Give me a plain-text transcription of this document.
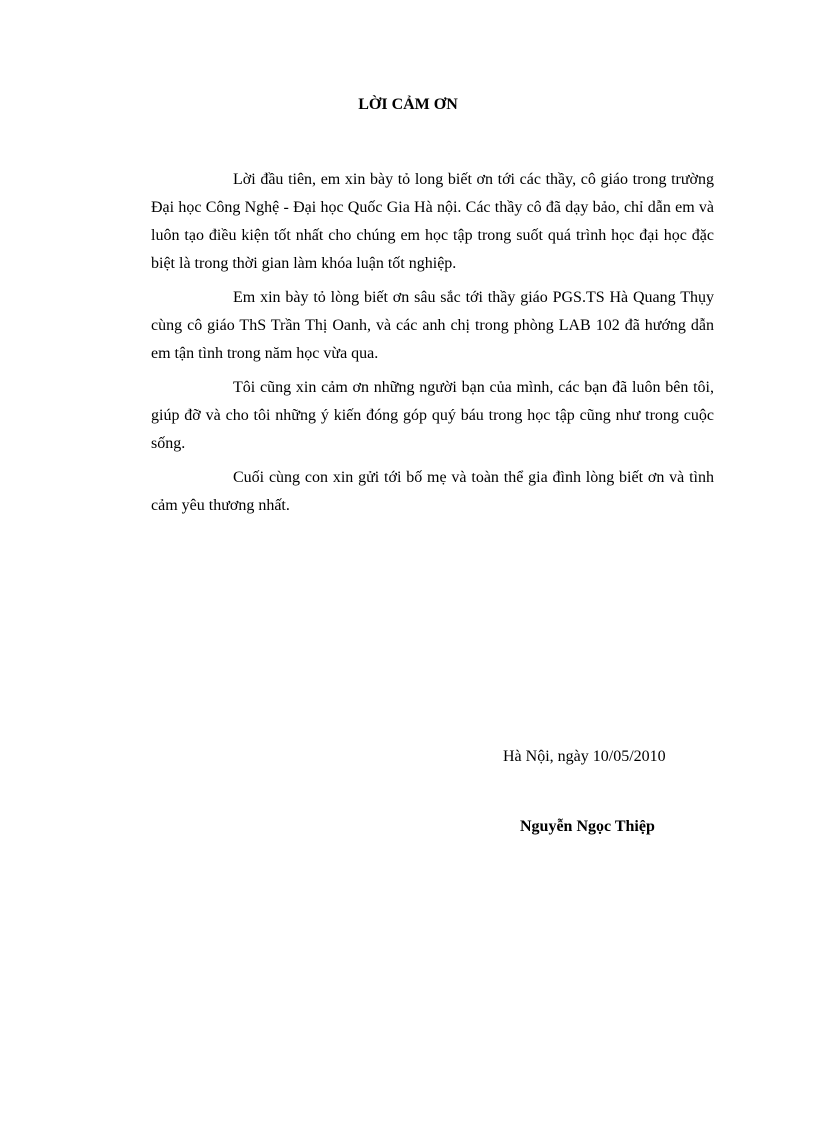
LỜI CẢM ƠN

Lời đầu tiên, em xin bày tỏ long biết ơn tới các thầy, cô giáo trong trường Đại học Công Nghệ - Đại học Quốc Gia Hà nội. Các thầy cô đã dạy bảo, chỉ dẫn em và luôn tạo điều kiện tốt nhất cho chúng em học tập trong suốt quá trình học đại học đặc biệt là trong thời gian làm khóa luận tốt nghiệp.

Em xin bày tỏ lòng biết ơn sâu sắc tới thầy giáo PGS.TS Hà Quang Thụy cùng cô giáo ThS Trần Thị Oanh, và các anh chị trong phòng LAB 102 đã hướng dẫn em tận tình trong năm học vừa qua.

Tôi cũng xin cảm ơn những người bạn của mình, các bạn đã luôn bên tôi, giúp đỡ và cho tôi những ý kiến đóng góp quý báu trong học tập cũng như trong cuộc sống.

Cuối cùng con xin gửi tới bố mẹ và toàn thể gia đình lòng biết ơn và tình cảm yêu thương nhất.

Hà Nội, ngày 10/05/2010

Nguyễn Ngọc Thiệp
